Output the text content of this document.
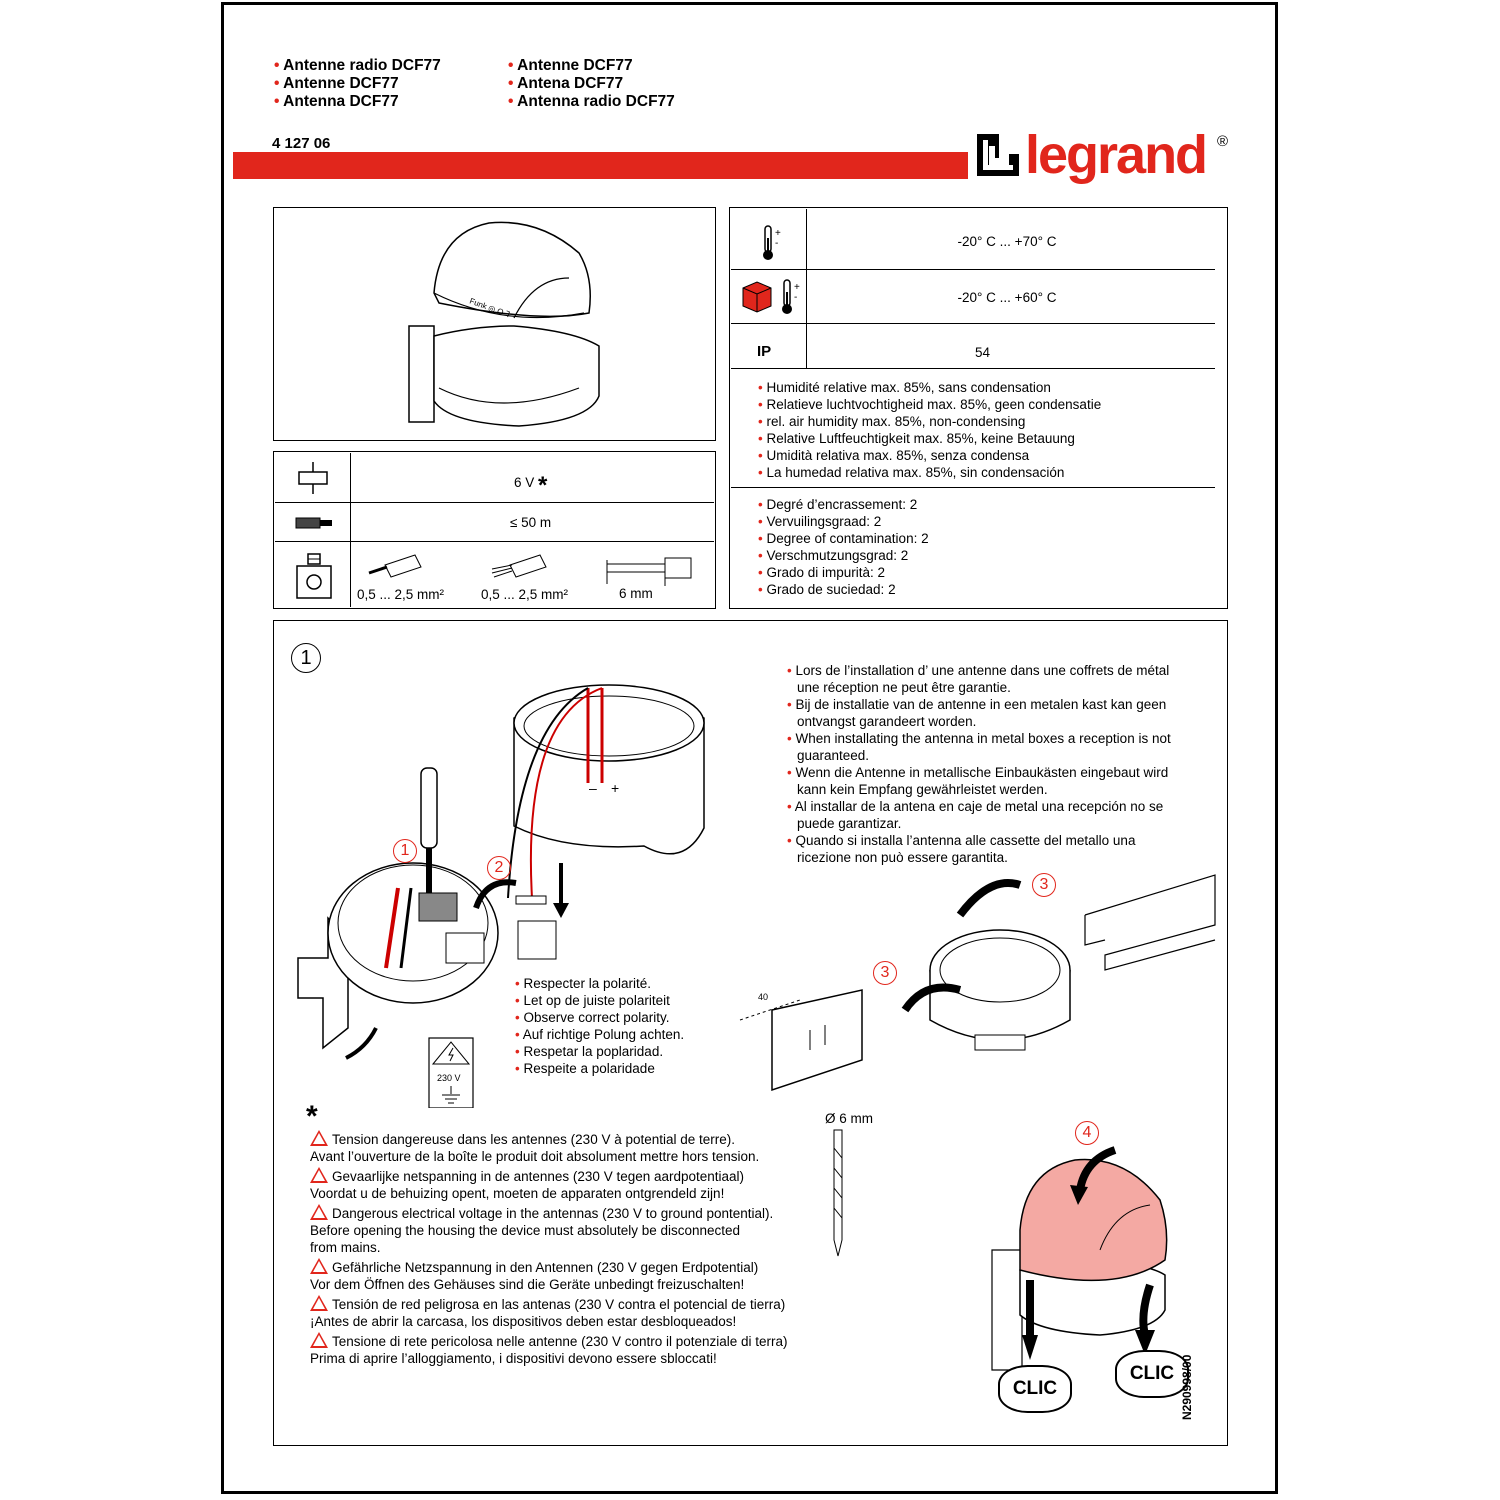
• Antenne radio DCF77
• Antenne DCF77
• Antenna DCF77
• Antenne DCF77
• Antena DCF77
• Antenna radio DCF77
4 127 06	legrand ®
Funk ◎ O ꟻ
+
-	-20° C ... +70° C
+
-	-20° C ... +60° C
IP	54
• Humidité relative max. 85%, sans condensation
• Relatieve luchtvochtigheid max. 85%, geen condensatie
• rel. air humidity max. 85%, non-condensing
• Relative Luftfeuchtigkeit max. 85%, keine Betauung
• Umidità relativa max. 85%, senza condensa
• La humedad relativa max. 85%, sin condensación
• Degré d’encrassement: 2
• Vervuilingsgraad: 2
• Degree of contamination: 2
• Verschmutzungsgrad: 2
• Grado di impurità: 2
• Grado de suciedad: 2
6 V *
≤ 50 m
0,5 ... 2,5 mm²	0,5 ... 2,5 mm²	6 mm
1
• Lors de l’installation d’ une antenne dans une coffrets de métal
une réception ne peut être garantie.
• Bij de installatie van de antenne in een metalen kast kan geen
ontvangst garandeert worden.
• When installating the antenna in metal boxes a reception is not
guaranteed.
• Wenn die Antenne in metallische Einbaukästen eingebaut wird
kann kein Empfang gewährleistet werden.
• Al installar de la antena en caje de metal una recepción no se
puede garantizar.
• Quando si installa l’antenna alle cassette del metallo una
ricezione non può essere garantita.
– +
230 V
1
2
• Respecter la polarité.
• Let op de juiste polariteit
• Observe correct polarity.
• Auf richtige Polung achten.
• Respetar la poplaridad.
• Respeite a polaridade
40
3
3
Ø 6 mm
4
CLIC
CLIC
*
Tension dangereuse dans les antennes (230 V à potential de terre).
Avant l’ouverture de la boîte le produit doit absolument mettre hors tension.
Gevaarlijke netspanning in de antennes (230 V tegen aardpotentiaal)
Voordat u de behuizing opent, moeten de apparaten ontgrendeld zijn!
Dangerous electrical voltage in the antennas (230 V to ground pontential).
Before opening the housing the device must absolutely be disconnected
from mains.
Gefährliche Netzspannung in den Antennen (230 V gegen Erdpotential)
Vor dem Öffnen des Gehäuses sind die Geräte unbedingt freizuschalten!
Tensión de red peligrosa en las antenas (230 V contra el potencial de tierra)
¡Antes de abrir la carcasa, los dispositivos deben estar desbloqueados!
Tensione di rete pericolosa nelle antenne (230 V contro il potenziale di terra)
Prima di aprire l’alloggiamento, i dispositivi devono essere sbloccati!	N290998/00
